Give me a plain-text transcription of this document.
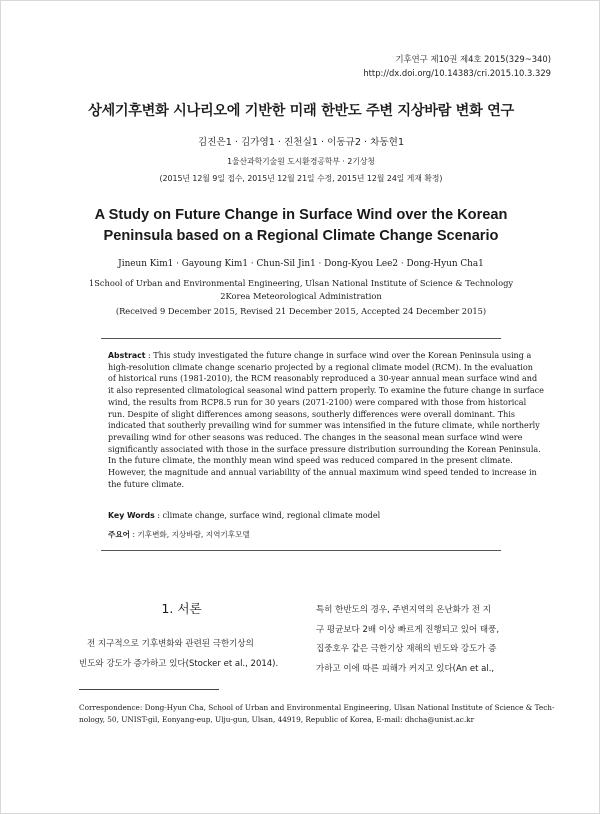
기후연구 제10권 제4호 2015(329~340)
http://dx.doi.org/10.14383/cri.2015.10.3.329
상세기후변화 시나리오에 기반한 미래 한반도 주변 지상바람 변화 연구
김진은1 · 김가영1 · 진천실1 · 이동규2 · 차동현1
1울산과학기술원 도시환경공학부 · 2기상청
(2015년 12월 9일 접수, 2015년 12월 21일 수정, 2015년 12월 24일 게재 확정)
A Study on Future Change in Surface Wind over the Korean
Peninsula based on a Regional Climate Change Scenario
Jineun Kim1 · Gayoung Kim1 · Chun-Sil Jin1 · Dong-Kyou Lee2 · Dong-Hyun Cha1
1School of Urban and Environmental Engineering, Ulsan National Institute of Science & Technology
2Korea Meteorological Administration
(Received 9 December 2015, Revised 21 December 2015, Accepted 24 December 2015)
Abstract : This study investigated the future change in surface wind over the Korean Peninsula using a
high-resolution climate change scenario projected by a regional climate model (RCM). In the evaluation
of historical runs (1981-2010), the RCM reasonably reproduced a 30-year annual mean surface wind and
it also represented climatological seasonal wind pattern properly. To examine the future change in surface
wind, the results from RCP8.5 run for 30 years (2071-2100) were compared with those from historical
run. Despite of slight differences among seasons, southerly differences were overall dominant. This
indicated that southerly prevailing wind for summer was intensified in the future climate, while northerly
prevailing wind for other seasons was reduced. The changes in the seasonal mean surface wind were
significantly associated with those in the surface pressure distribution surrounding the Korean Peninsula.
In the future climate, the monthly mean wind speed was reduced compared in the present climate.
However, the magnitude and annual variability of the annual maximum wind speed tended to increase in
the future climate.
Key Words : climate change, surface wind, regional climate model
주요어 : 기후변화, 지상바람, 지역기후모델
1. 서론
전 지구적으로 기후변화와 관련된 극한기상의
빈도와 강도가 증가하고 있다(Stocker et al., 2014).
특히 한반도의 경우, 주변지역의 온난화가 전 지
구 평균보다 2배 이상 빠르게 진행되고 있어 태풍,
집중호우 같은 극한기상 재해의 빈도와 강도가 증
가하고 이에 따른 피해가 커지고 있다(An et al.,
Correspondence: Dong-Hyun Cha, School of Urban and Environmental Engineering, Ulsan National Institute of Science & Tech-
nology, 50, UNIST-gil, Eonyang-eup, Ulju-gun, Ulsan, 44919, Republic of Korea, E-mail: dhcha@unist.ac.kr
